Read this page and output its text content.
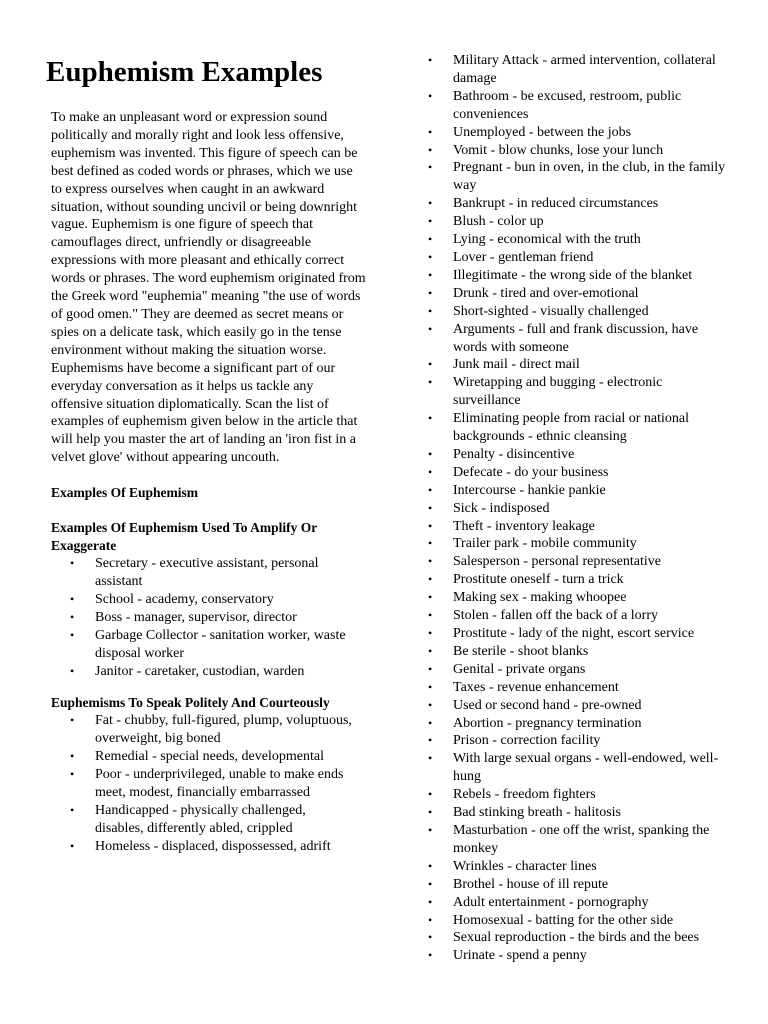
Euphemism Examples

To make an unpleasant word or expression sound politically and morally right and look less offensive, euphemism was invented. This figure of speech can be best defined as coded words or phrases, which we use to express ourselves when caught in an awkward situation, without sounding uncivil or being downright vague. Euphemism is one figure of speech that camouflages direct, unfriendly or disagreeable expressions with more pleasant and ethically correct words or phrases. The word euphemism originated from the Greek word "euphemia" meaning "the use of words of good omen." They are deemed as secret means or spies on a delicate task, which easily go in the tense environment without making the situation worse. Euphemisms have become a significant part of our everyday conversation as it helps us tackle any offensive situation diplomatically. Scan the list of examples of euphemism given below in the article that will help you master the art of landing an 'iron fist in a velvet glove' without appearing uncouth.

Examples Of Euphemism
Examples Of Euphemism Used To Amplify Or Exaggerate
• Secretary - executive assistant, personal assistant
• School - academy, conservatory
• Boss - manager, supervisor, director
• Garbage Collector - sanitation worker, waste disposal worker
• Janitor - caretaker, custodian, warden
Euphemisms To Speak Politely And Courteously
• Fat - chubby, full-figured, plump, voluptuous, overweight, big boned
• Remedial - special needs, developmental
• Poor - underprivileged, unable to make ends meet, modest, financially embarrassed
• Handicapped - physically challenged, disables, differently abled, crippled
• Homeless - displaced, dispossessed, adrift
• Military Attack - armed intervention, collateral damage
• Bathroom - be excused, restroom, public conveniences
• Unemployed - between the jobs
• Vomit - blow chunks, lose your lunch
• Pregnant - bun in oven, in the club, in the family way
• Bankrupt - in reduced circumstances
• Blush - color up
• Lying - economical with the truth
• Lover - gentleman friend
• Illegitimate - the wrong side of the blanket
• Drunk - tired and over-emotional
• Short-sighted - visually challenged
• Arguments - full and frank discussion, have words with someone
• Junk mail - direct mail
• Wiretapping and bugging - electronic surveillance
• Eliminating people from racial or national backgrounds - ethnic cleansing
• Penalty - disincentive
• Defecate - do your business
• Intercourse - hankie pankie
• Sick - indisposed
• Theft - inventory leakage
• Trailer park - mobile community
• Salesperson - personal representative
• Prostitute oneself - turn a trick
• Making sex - making whoopee
• Stolen - fallen off the back of a lorry
• Prostitute - lady of the night, escort service
• Be sterile - shoot blanks
• Genital - private organs
• Taxes - revenue enhancement
• Used or second hand - pre-owned
• Abortion - pregnancy termination
• Prison - correction facility
• With large sexual organs - well-endowed, well-hung
• Rebels - freedom fighters
• Bad stinking breath - halitosis
• Masturbation - one off the wrist, spanking the monkey
• Wrinkles - character lines
• Brothel - house of ill repute
• Adult entertainment - pornography
• Homosexual - batting for the other side
• Sexual reproduction - the birds and the bees
• Urinate - spend a penny
